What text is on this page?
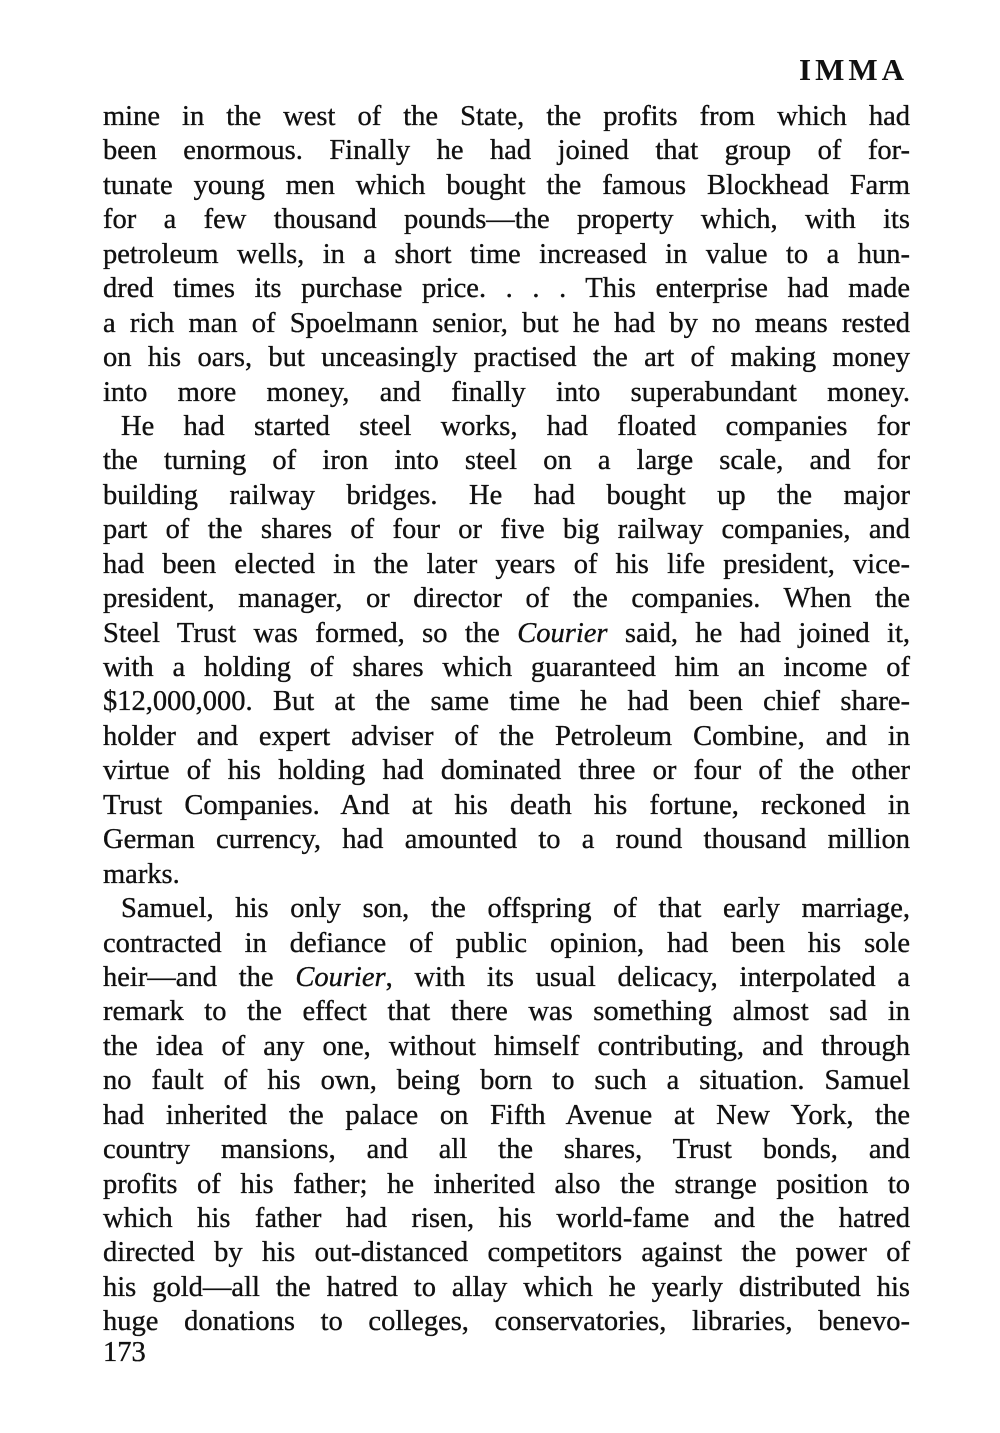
IMMA
mine in the west of the State, the profits from which had
been enormous. Finally he had joined that group of for-
tunate young men which bought the famous Blockhead Farm
for a few thousand pounds—the property which, with its
petroleum wells, in a short time increased in value to a hun-
dred times its purchase price. . . . This enterprise had made
a rich man of Spoelmann senior, but he had by no means rested
on his oars, but unceasingly practised the art of making money
into more money, and finally into superabundant money.
He had started steel works, had floated companies for
the turning of iron into steel on a large scale, and for
building railway bridges. He had bought up the major
part of the shares of four or five big railway companies, and
had been elected in the later years of his life president, vice-
president, manager, or director of the companies. When the
Steel Trust was formed, so the Courier said, he had joined it,
with a holding of shares which guaranteed him an income of
$12,000,000. But at the same time he had been chief share-
holder and expert adviser of the Petroleum Combine, and in
virtue of his holding had dominated three or four of the other
Trust Companies. And at his death his fortune, reckoned in
German currency, had amounted to a round thousand million
marks.
Samuel, his only son, the offspring of that early marriage,
contracted in defiance of public opinion, had been his sole
heir—and the Courier, with its usual delicacy, interpolated a
remark to the effect that there was something almost sad in
the idea of any one, without himself contributing, and through
no fault of his own, being born to such a situation. Samuel
had inherited the palace on Fifth Avenue at New York, the
country mansions, and all the shares, Trust bonds, and
profits of his father; he inherited also the strange position to
which his father had risen, his world-fame and the hatred
directed by his out-distanced competitors against the power of
his gold—all the hatred to allay which he yearly distributed his
huge donations to colleges, conservatories, libraries, benevo-
173
